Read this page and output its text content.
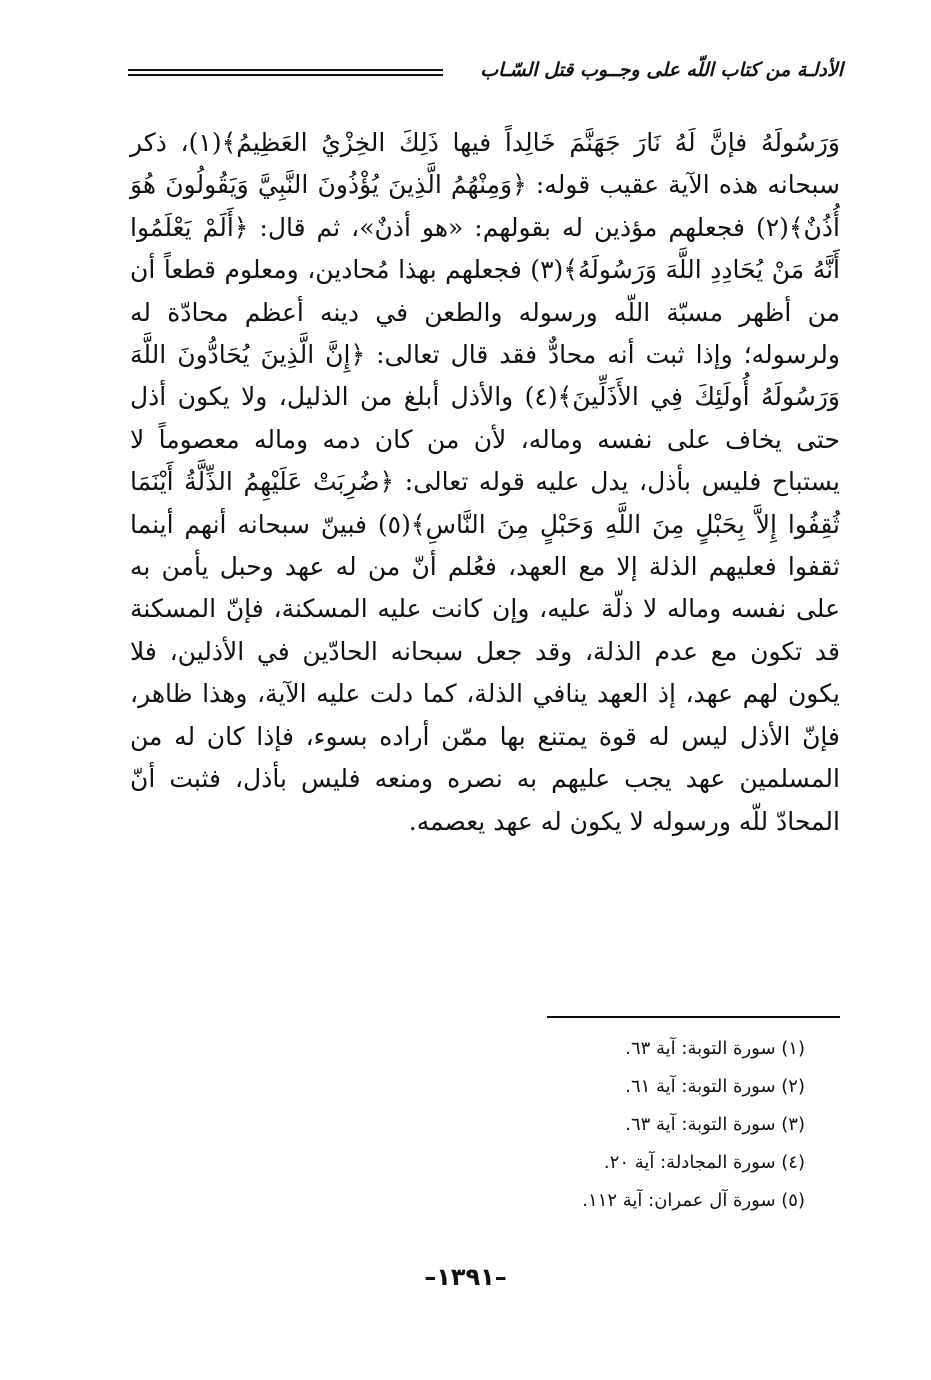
الأدلـة من كتاب اللّه على وجــوب قتل السّـاب

وَرَسُولَهُ فإنَّ لَهُ نَارَ جَهَنَّمَ خَالِداً فيها ذَلِكَ الخِزْيُ العَظِيمُ﴾(١)، ذكر سبحانه هذه الآية عقيب قوله: ﴿وَمِنْهُمُ الَّذِينَ يُؤْذُونَ النَّبِيَّ وَيَقُولُونَ هُوَ أُذُنٌ﴾(٢) فجعلهم مؤذين له بقولهم: «هو أذنٌ»، ثم قال: ﴿أَلَمْ يَعْلَمُوا أَنَّهُ مَنْ يُحَادِدِ اللَّهَ وَرَسُولَهُ﴾(٣) فجعلهم بهذا مُحادين، ومعلوم قطعاً أن من أظهر مسبّة اللّه ورسوله والطعن في دينه أعظم محادّة له ولرسوله؛ وإذا ثبت أنه محادٌّ فقد قال تعالى: ﴿إِنَّ الَّذِينَ يُحَادُّونَ اللَّهَ وَرَسُولَهُ أُولَئِكَ فِي الأَذَلِّينَ﴾(٤) والأذل أبلغ من الذليل، ولا يكون أذل حتى يخاف على نفسه وماله، لأن من كان دمه وماله معصوماً لا يستباح فليس بأذل، يدل عليه قوله تعالى: ﴿ضُرِبَتْ عَلَيْهِمُ الذِّلَّةُ أَيْنَمَا ثُقِفُوا إِلاَّ بِحَبْلٍ مِنَ اللَّهِ وَحَبْلٍ مِنَ النَّاسِ﴾(٥) فبينّ سبحانه أنهم أينما ثقفوا فعليهم الذلة إلا مع العهد، فعُلم أنّ من له عهد وحبل يأمن به على نفسه وماله لا ذلّة عليه، وإن كانت عليه المسكنة، فإنّ المسكنة قد تكون مع عدم الذلة، وقد جعل سبحانه الحادّين في الأذلين، فلا يكون لهم عهد، إذ العهد ينافي الذلة، كما دلت عليه الآية، وهذا ظاهر، فإنّ الأذل ليس له قوة يمتنع بها ممّن أراده بسوء، فإذا كان له من المسلمين عهد يجب عليهم به نصره ومنعه فليس بأذل، فثبت أنّ المحادّ للّه ورسوله لا يكون له عهد يعصمه.

(١) سورة التوبة: آية ٦٣.
(٢) سورة التوبة: آية ٦١.
(٣) سورة التوبة: آية ٦٣.
(٤) سورة المجادلة: آية ٢٠.
(٥) سورة آل عمران: آية ١١٢.
–١٣٩١–
